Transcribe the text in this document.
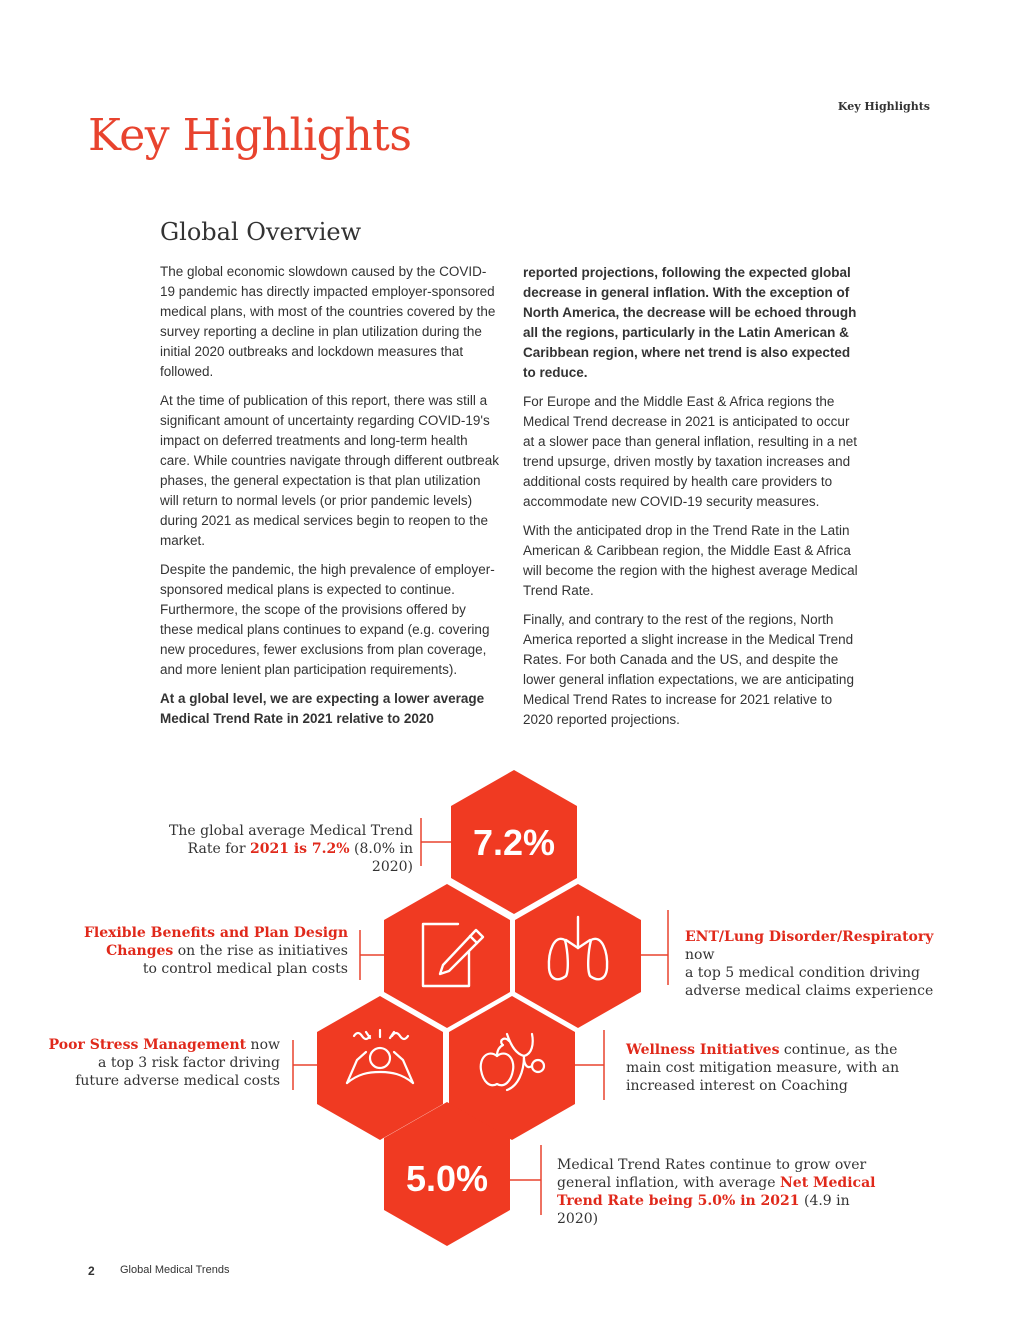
Key Highlights
Key Highlights
Global Overview

The global economic slowdown caused by the COVID-19 pandemic has directly impacted employer-sponsored medical plans, with most of the countries covered by the survey reporting a decline in plan utilization during the initial 2020 outbreaks and lockdown measures that followed.

At the time of publication of this report, there was still a significant amount of uncertainty regarding COVID-19's impact on deferred treatments and long-term health care. While countries navigate through different outbreak phases, the general expectation is that plan utilization will return to normal levels (or prior pandemic levels) during 2021 as medical services begin to reopen to the market.

Despite the pandemic, the high prevalence of employer-sponsored medical plans is expected to continue. Furthermore, the scope of the provisions offered by these medical plans continues to expand (e.g. covering new procedures, fewer exclusions from plan coverage, and more lenient plan participation requirements).

At a global level, we are expecting a lower average Medical Trend Rate in 2021 relative to 2020

reported projections, following the expected global decrease in general inflation. With the exception of North America, the decrease will be echoed through all the regions, particularly in the Latin American & Caribbean region, where net trend is also expected to reduce.

For Europe and the Middle East & Africa regions the Medical Trend decrease in 2021 is anticipated to occur at a slower pace than general inflation, resulting in a net trend upsurge, driven mostly by taxation increases and additional costs required by health care providers to accommodate new COVID-19 security measures.

With the anticipated drop in the Trend Rate in the Latin American & Caribbean region, the Middle East & Africa will become the region with the highest average Medical Trend Rate.

Finally, and contrary to the rest of the regions, North America reported a slight increase in the Medical Trend Rates. For both Canada and the US, and despite the lower general inflation expectations, we are anticipating Medical Trend Rates to increase for 2021 relative to 2020 reported projections.

7.2%
5.0%
The global average Medical Trend
Rate for 2021 is 7.2% (8.0% in 2020)
Flexible Benefits and Plan Design
Changes on the rise as initiatives
to control medical plan costs
ENT/Lung Disorder/Respiratory now
a top 5 medical condition driving
adverse medical claims experience
Poor Stress Management now
a top 3 risk factor driving
future adverse medical costs
Wellness Initiatives continue, as the
main cost mitigation measure, with an
increased interest on Coaching
Medical Trend Rates continue to grow over
general inflation, with average Net Medical
Trend Rate being 5.0% in 2021 (4.9 in 2020)
2 Global Medical Trends
